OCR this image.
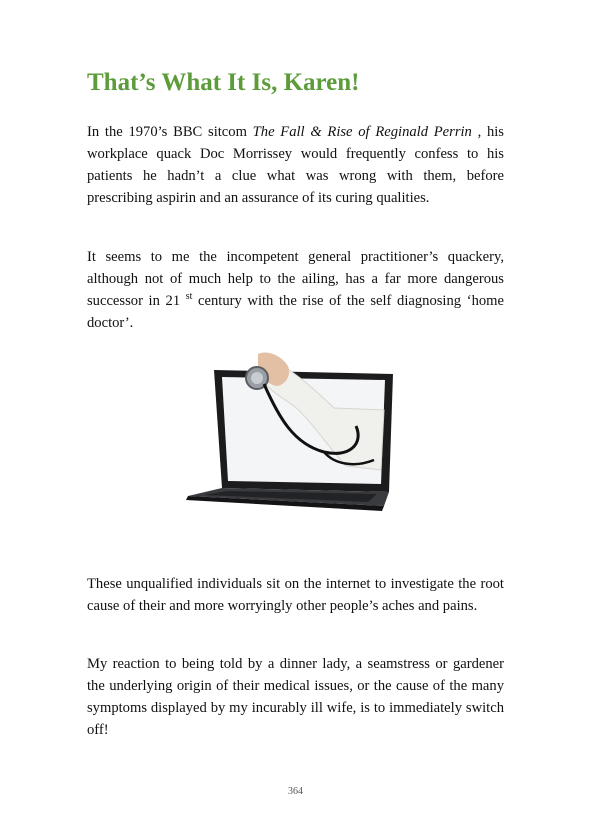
That’s What It Is, Karen!

In the 1970’s BBC sitcom The Fall & Rise of Reginald Perrin , his workplace quack Doc Morrissey would frequently confess to his patients he hadn’t a clue what was wrong with them, before prescribing aspirin and an assurance of its curing qualities.

It seems to me the incompetent general practitioner’s quackery, although not of much help to the ailing, has a far more dangerous successor in 21 $^{st}$ century with the rise of the self diagnosing ‘home doctor’.

These unqualified individuals sit on the internet to investigate the root cause of their and more worryingly other people’s aches and pains.

My reaction to being told by a dinner lady, a seamstress or gardener the underlying origin of their medical issues, or the cause of the many symptoms displayed by my incurably ill wife, is to immediately switch off!

364
